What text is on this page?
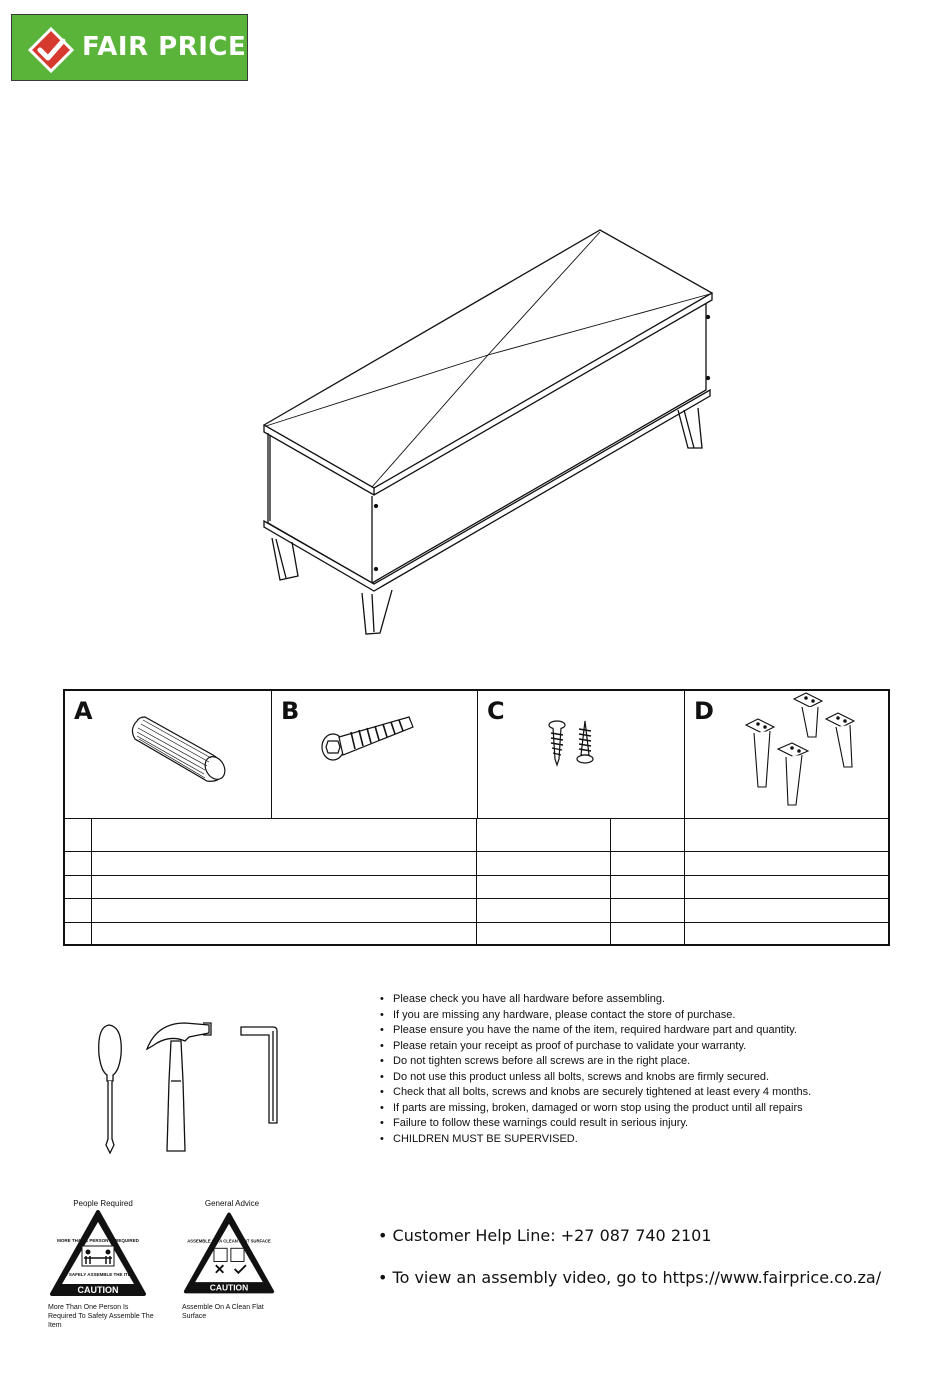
FAIR PRICE
A	B	C	D
People Required
MORE THAN 1 PERSON IS REQUIRED
TO SAFELY ASSEMBLE THE ITEM
CAUTION
More Than One Person Is Required To Safety Assemble The Item
General Advice
ASSEMBLE ON A CLEAN FLAT SURFACE
CAUTION
Assemble On A Clean Flat Surface
• Please check you have all hardware before assembling.
• If you are missing any hardware, please contact the store of purchase.
• Please ensure you have the name of the item, required hardware part and quantity.
• Please retain your receipt as proof of purchase to validate your warranty.
• Do not tighten screws before all screws are in the right place.
• Do not use this product unless all bolts, screws and knobs are firmly secured.
• Check that all bolts, screws and knobs are securely tightened at least every 4 months.
• If parts are missing, broken, damaged or worn stop using the product until all repairs
• Failure to follow these warnings could result in serious injury.
• CHILDREN MUST BE SUPERVISED.
• Customer Help Line: +27 087 740 2101
• To view an assembly video, go to https://www.fairprice.co.za/
